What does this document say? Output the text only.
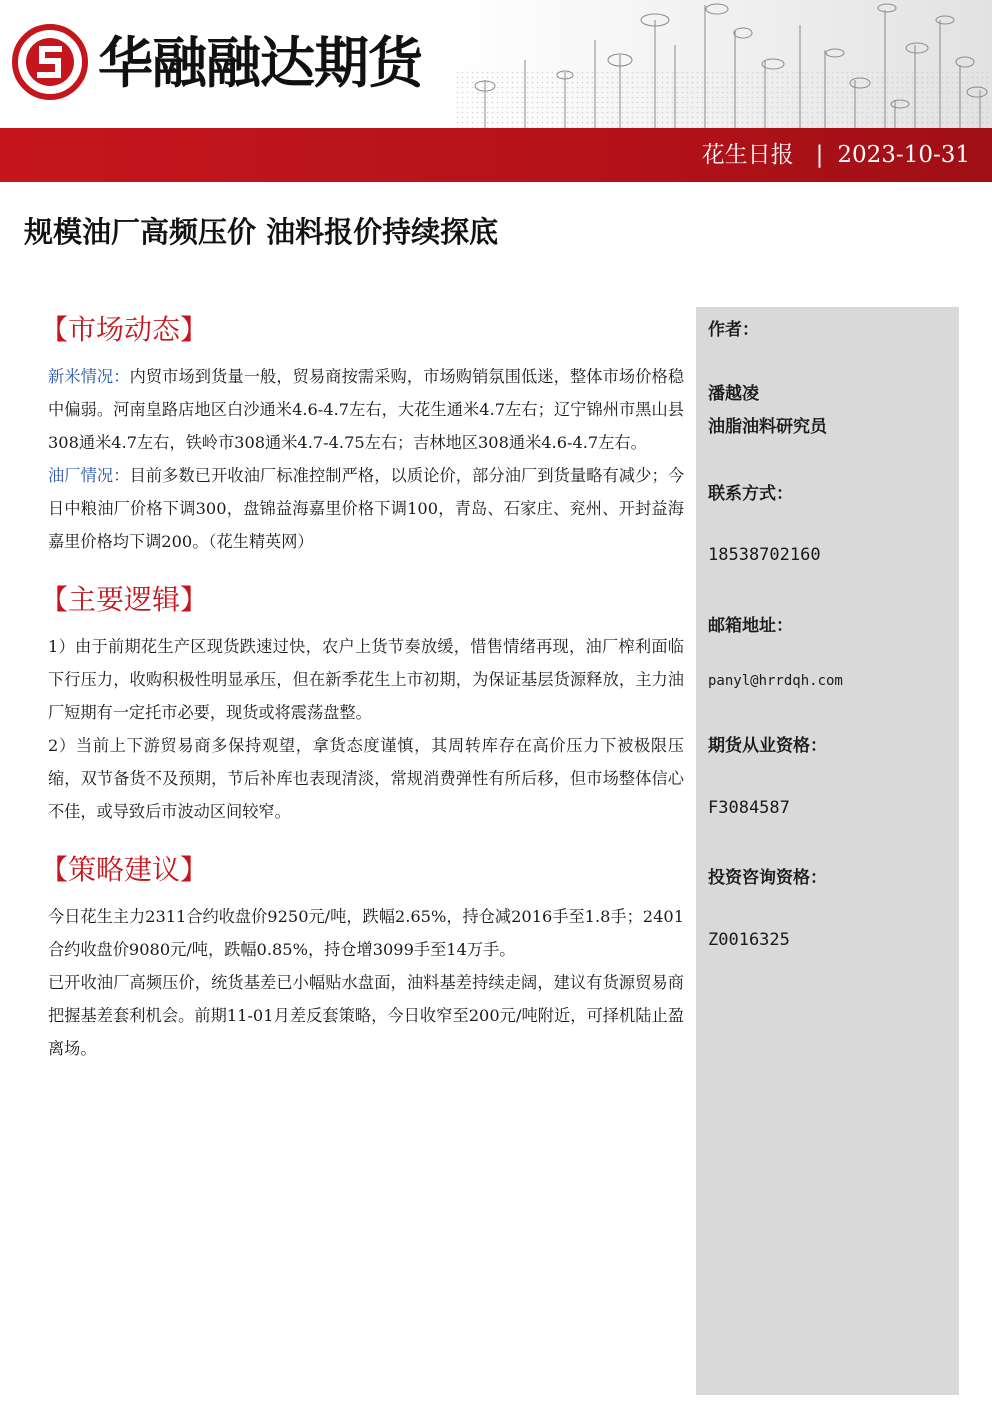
华融融达期货
花生日报 | 2023-10-31
规模油厂高频压价 油料报价持续探底
【市场动态】

新米情况：内贸市场到货量一般，贸易商按需采购，市场购销氛围低迷，整体市场价格稳中偏弱。河南皇路店地区白沙通米4.6-4.7左右，大花生通米4.7左右；辽宁锦州市黑山县308通米4.7左右，铁岭市308通米4.7-4.75左右；吉林地区308通米4.6-4.7左右。

油厂情况：目前多数已开收油厂标准控制严格，以质论价，部分油厂到货量略有减少；今日中粮油厂价格下调300，盘锦益海嘉里价格下调100，青岛、石家庄、兖州、开封益海嘉里价格均下调200。（花生精英网）

【主要逻辑】

1）由于前期花生产区现货跌速过快，农户上货节奏放缓，惜售情绪再现，油厂榨利面临下行压力，收购积极性明显承压，但在新季花生上市初期，为保证基层货源释放，主力油厂短期有一定托市必要，现货或将震荡盘整。

2）当前上下游贸易商多保持观望，拿货态度谨慎，其周转库存在高价压力下被极限压缩，双节备货不及预期，节后补库也表现清淡，常规消费弹性有所后移，但市场整体信心不佳，或导致后市波动区间较窄。

【策略建议】

今日花生主力2311合约收盘价9250元/吨，跌幅2.65%，持仓减2016手至1.8手；2401合约收盘价9080元/吨，跌幅0.85%，持仓增3099手至14万手。

已开收油厂高频压价，统货基差已小幅贴水盘面，油料基差持续走阔，建议有货源贸易商把握基差套利机会。前期11-01月差反套策略，今日收窄至200元/吨附近，可择机陆止盈离场。

作者：
潘越凌
油脂油料研究员
联系方式：
18538702160
邮箱地址：
panyl@hrrdqh.com
期货从业资格：
F3084587
投资咨询资格：
Z0016325
